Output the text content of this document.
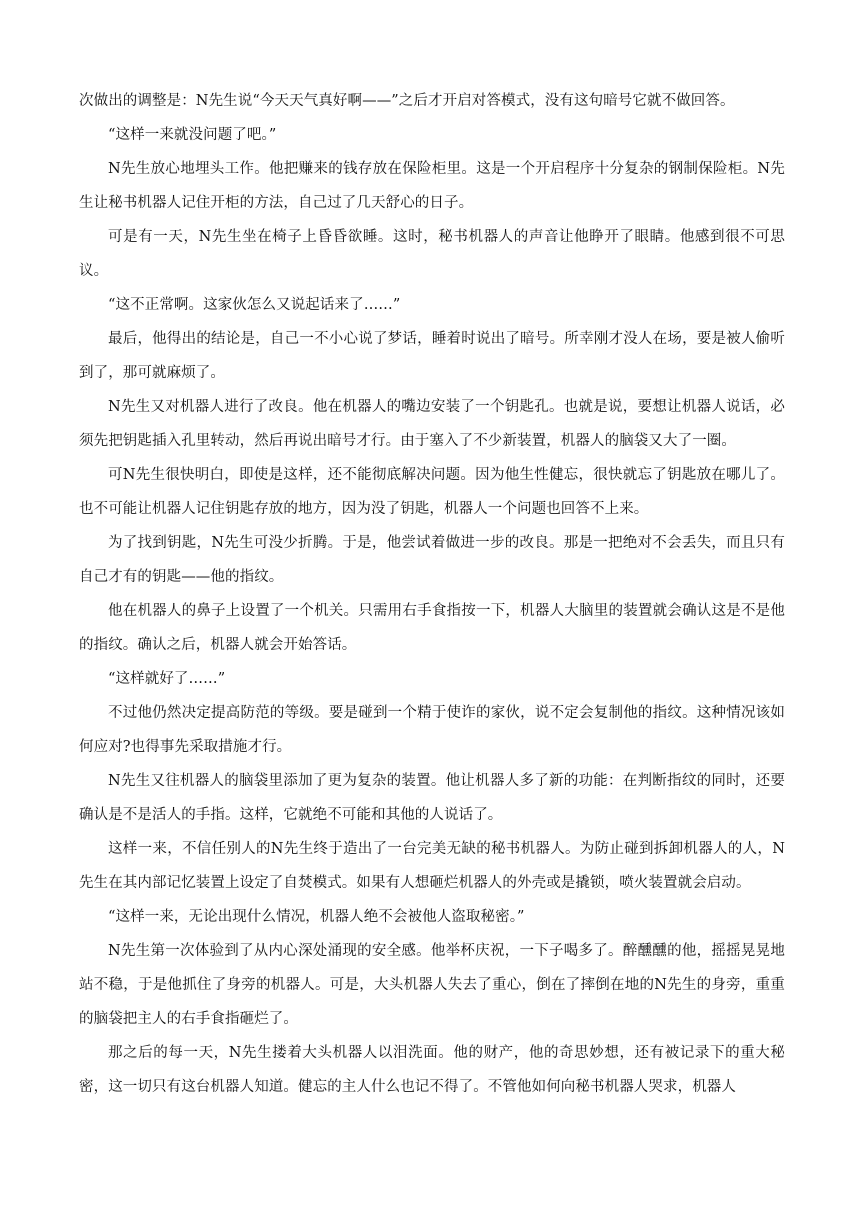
次做出的调整是：N先生说“今天天气真好啊——”之后才开启对答模式，没有这句暗号它就不做回答。

“这样一来就没问题了吧。”

N先生放心地埋头工作。他把赚来的钱存放在保险柜里。这是一个开启程序十分复杂的钢制保险柜。N先生让秘书机器人记住开柜的方法，自己过了几天舒心的日子。

可是有一天，N先生坐在椅子上昏昏欲睡。这时，秘书机器人的声音让他睁开了眼睛。他感到很不可思议。

“这不正常啊。这家伙怎么又说起话来了……”

最后，他得出的结论是，自己一不小心说了梦话，睡着时说出了暗号。所幸刚才没人在场，要是被人偷听到了，那可就麻烦了。

N先生又对机器人进行了改良。他在机器人的嘴边安装了一个钥匙孔。也就是说，要想让机器人说话，必须先把钥匙插入孔里转动，然后再说出暗号才行。由于塞入了不少新装置，机器人的脑袋又大了一圈。

可N先生很快明白，即使是这样，还不能彻底解决问题。因为他生性健忘，很快就忘了钥匙放在哪儿了。也不可能让机器人记住钥匙存放的地方，因为没了钥匙，机器人一个问题也回答不上来。

为了找到钥匙，N先生可没少折腾。于是，他尝试着做进一步的改良。那是一把绝对不会丢失，而且只有自己才有的钥匙——他的指纹。

他在机器人的鼻子上设置了一个机关。只需用右手食指按一下，机器人大脑里的装置就会确认这是不是他的指纹。确认之后，机器人就会开始答话。

“这样就好了……”

不过他仍然决定提高防范的等级。要是碰到一个精于使诈的家伙，说不定会复制他的指纹。这种情况该如何应对?也得事先采取措施才行。

N先生又往机器人的脑袋里添加了更为复杂的装置。他让机器人多了新的功能：在判断指纹的同时，还要确认是不是活人的手指。这样，它就绝不可能和其他的人说话了。

这样一来，不信任别人的N先生终于造出了一台完美无缺的秘书机器人。为防止碰到拆卸机器人的人，N先生在其内部记忆装置上设定了自焚模式。如果有人想砸烂机器人的外壳或是撬锁，喷火装置就会启动。

“这样一来，无论出现什么情况，机器人绝不会被他人盗取秘密。”

N先生第一次体验到了从内心深处涌现的安全感。他举杯庆祝，一下子喝多了。醉醺醺的他，摇摇晃晃地站不稳，于是他抓住了身旁的机器人。可是，大头机器人失去了重心，倒在了摔倒在地的N先生的身旁，重重的脑袋把主人的右手食指砸烂了。

那之后的每一天，N先生搂着大头机器人以泪洗面。他的财产，他的奇思妙想，还有被记录下的重大秘密，这一切只有这台机器人知道。健忘的主人什么也记不得了。不管他如何向秘书机器人哭求，机器人
